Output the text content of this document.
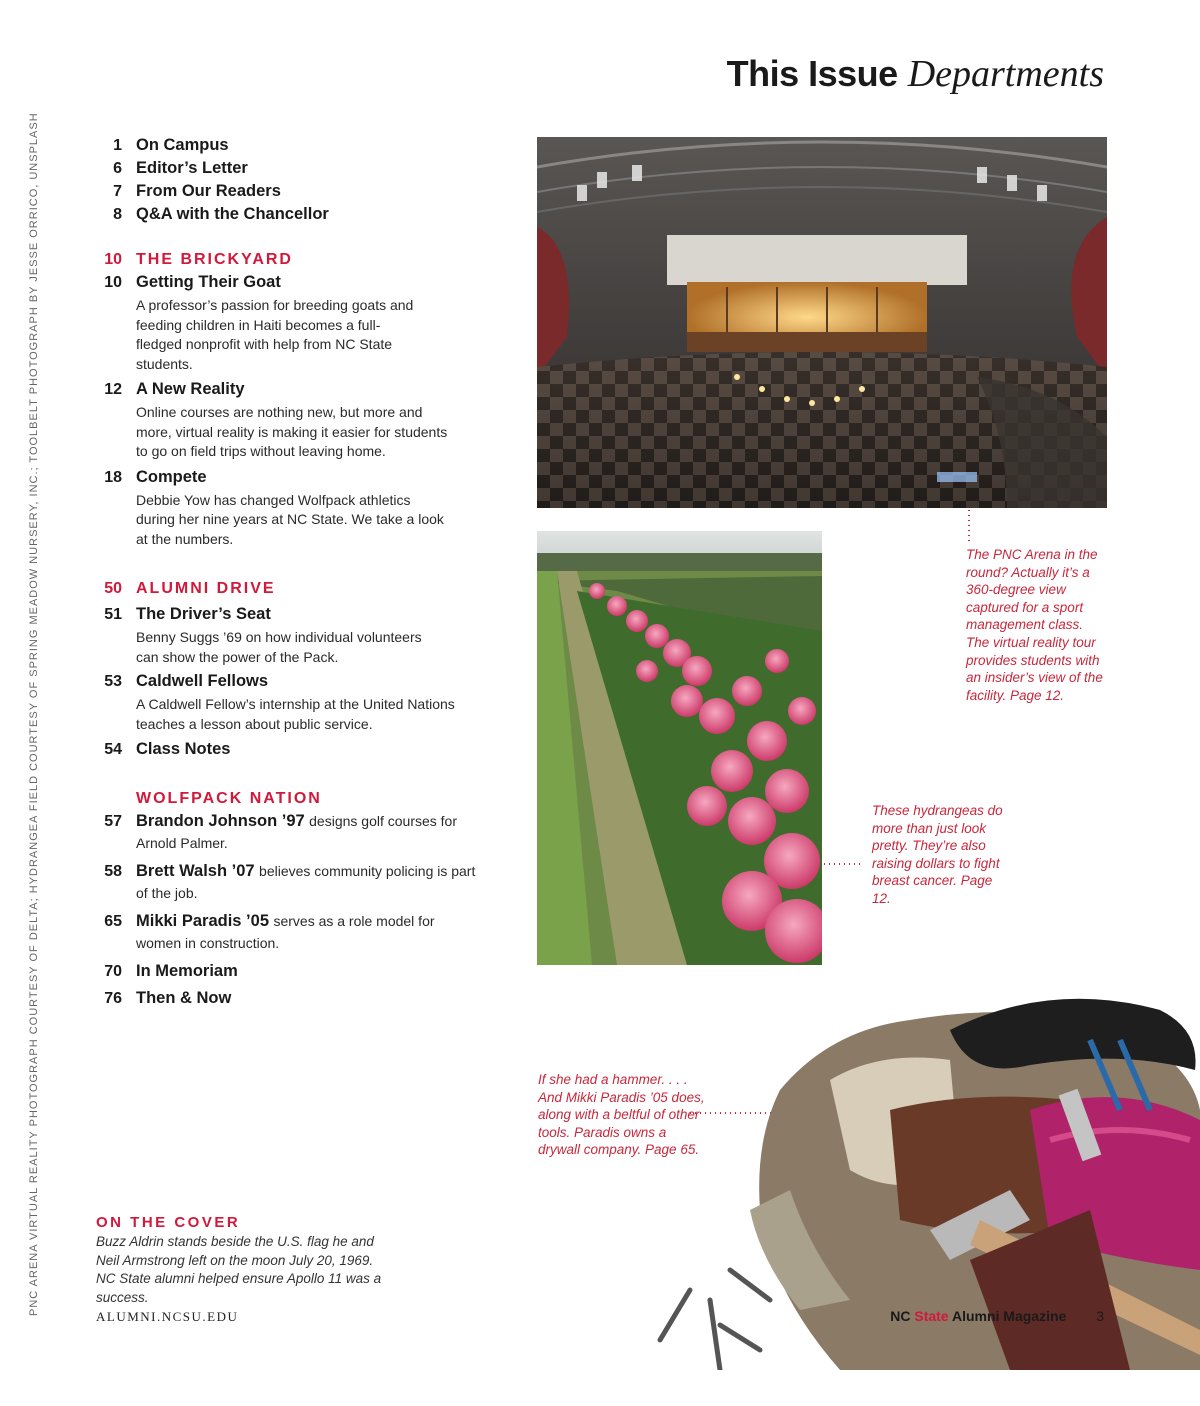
This Issue Departments
PNC ARENA VIRTUAL REALITY PHOTOGRAPH COURTESY OF DELTA; HYDRANGEA FIELD COURTESY OF SPRING MEADOW NURSERY, INC.; TOOLBELT PHOTOGRAPH BY JESSE ORRICO, UNSPLASH	1 On Campus
6 Editor’s Letter
7 From Our Readers
8 Q&A with the Chancellor
10 THE BRICKYARD
10 Getting Their Goat
A professor’s passion for breeding goats and feeding children in Haiti becomes a full-fledged nonprofit with help from NC State students.
12 A New Reality
Online courses are nothing new, but more and more, virtual reality is making it easier for students to go on field trips without leaving home.
18 Compete
Debbie Yow has changed Wolfpack athletics during her nine years at NC State. We take a look at the numbers.
50 ALUMNI DRIVE
51 The Driver’s Seat
Benny Suggs ’69 on how individual volunteers can show the power of the Pack.
53 Caldwell Fellows
A Caldwell Fellow’s internship at the United Nations teaches a lesson about public service.
54 Class Notes
WOLFPACK NATION
57 Brandon Johnson ’97 designs golf courses for Arnold Palmer.
58 Brett Walsh ’07 believes community policing is part of the job.
65 Mikki Paradis ’05 serves as a role model for women in construction.
70 In Memoriam
76 Then & Now
The PNC Arena in the round? Actually it’s a 360-degree view captured for a sport management class. The virtual reality tour provides students with an insider’s view of the facility. Page 12.
These hydrangeas do more than just look pretty. They’re also raising dollars to fight breast cancer. Page 12.
If she had a hammer. . . . And Mikki Paradis ’05 does, along with a beltful of other tools. Paradis owns a drywall company. Page 65.
ON THE COVER
Buzz Aldrin stands beside the U.S. flag he and Neil Armstrong left on the moon July 20, 1969. NC State alumni helped ensure Apollo 11 was a success.
ALUMNI.NCSU.EDU	NC State Alumni Magazine 3
